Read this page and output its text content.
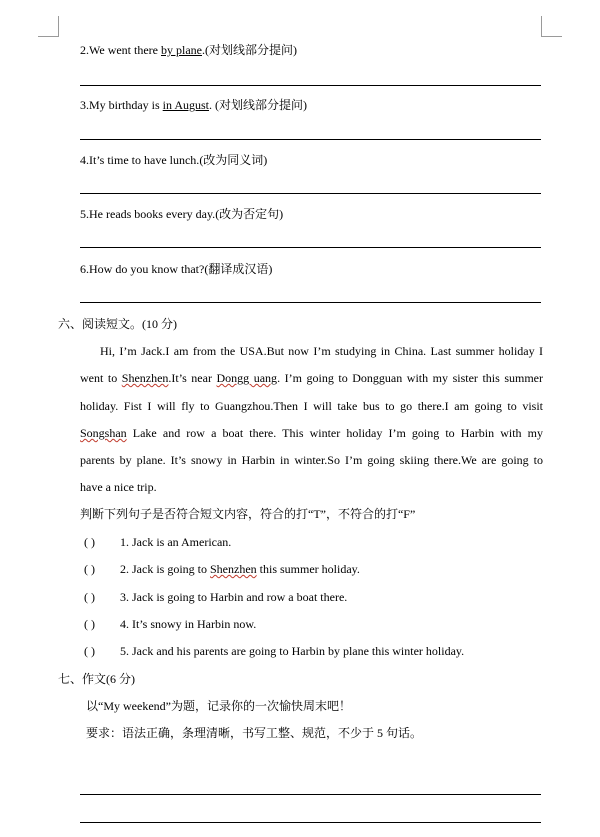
2.We went there by plane.(对划线部分提问)
3.My birthday is in August. (对划线部分提问)
4.It’s time to have lunch.(改为同义词)
5.He reads books every day.(改为否定句)
6.How do you know that?(翻译成汉语)
六、阅读短文。(10 分)
Hi, I’m Jack.I am from the USA.But now I’m studying in China. Last summer holiday I
went to Shenzhen.It’s near Dongg uang. I’m going to Dongguan with my sister this summer
holiday. Fist I will fly to Guangzhou.Then I will take bus to go there.I am going to visit
Songshan Lake and row a boat there. This winter holiday I’m going to Harbin with my
parents by plane. It’s snowy in Harbin in winter.So I’m going skiing there.We are going to
have a nice trip.
判断下列句子是否符合短文内容，符合的打“T”，不符合的打“F”
( ) 1. Jack is an American.
( ) 2. Jack is going to Shenzhen this summer holiday.
( ) 3. Jack is going to Harbin and row a boat there.
( ) 4. It’s snowy in Harbin now.
( ) 5. Jack and his parents are going to Harbin by plane this winter holiday.
七、作文(6 分)
以“My weekend”为题，记录你的一次愉快周末吧！
要求：语法正确，条理清晰，书写工整、规范，不少于 5 句话。
